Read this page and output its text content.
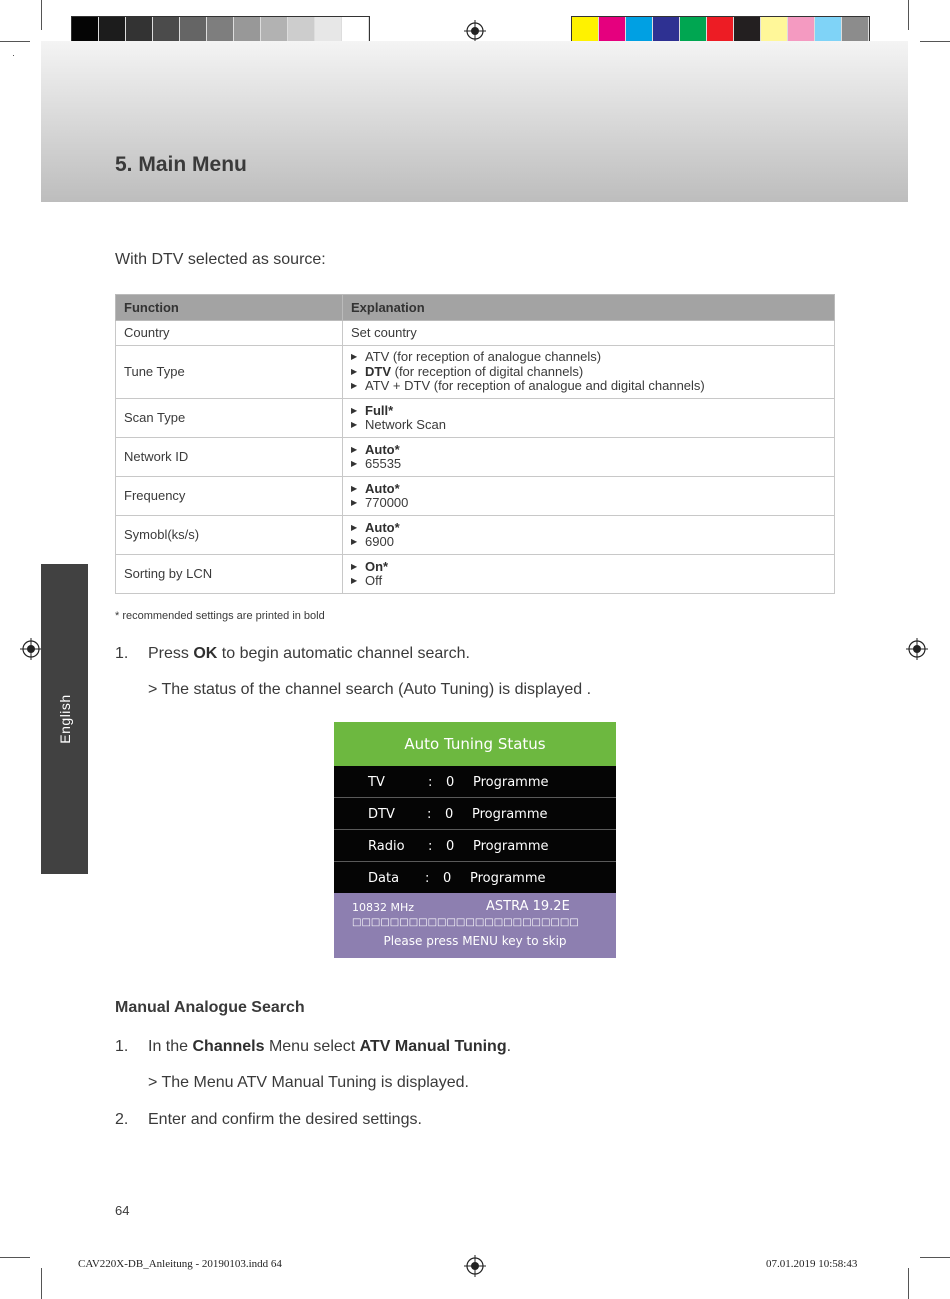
5. Main Menu
English
With DTV selected as source:
Function	Explanation
Country	Set country
Tune Type	▶ ATV (for reception of analogue channels)
▶ DTV (for reception of digital channels)
▶ ATV + DTV (for reception of analogue and digital channels)

Scan Type	▶ Full*
▶ Network Scan

Network ID	▶ Auto*
▶ 65535

Frequency	▶ Auto*
▶ 770000

Symobl(ks/s)	▶ Auto*
▶ 6900

Sorting by LCN	▶ On*
▶ Off
* recommended settings are printed in bold
1. Press OK to begin automatic channel search.
> The status of the channel search (Auto Tuning) is displayed .
Auto Tuning Status
TV	: 0 Programme
DTV : 0 Programme
Radio : 0 Programme
Data : 0 Programme
10832 MHz	ASTRA 19.2E
□□□□□□□□□□□□□□□□□□□□□□□□
Please press MENU key to skip
Manual Analogue Search
1. In the Channels Menu select ATV Manual Tuning.
> The Menu ATV Manual Tuning is displayed.
2. Enter and confirm the desired settings.
64
CAV220X-DB_Anleitung - 20190103.indd 64	07.01.2019 10:58:43
